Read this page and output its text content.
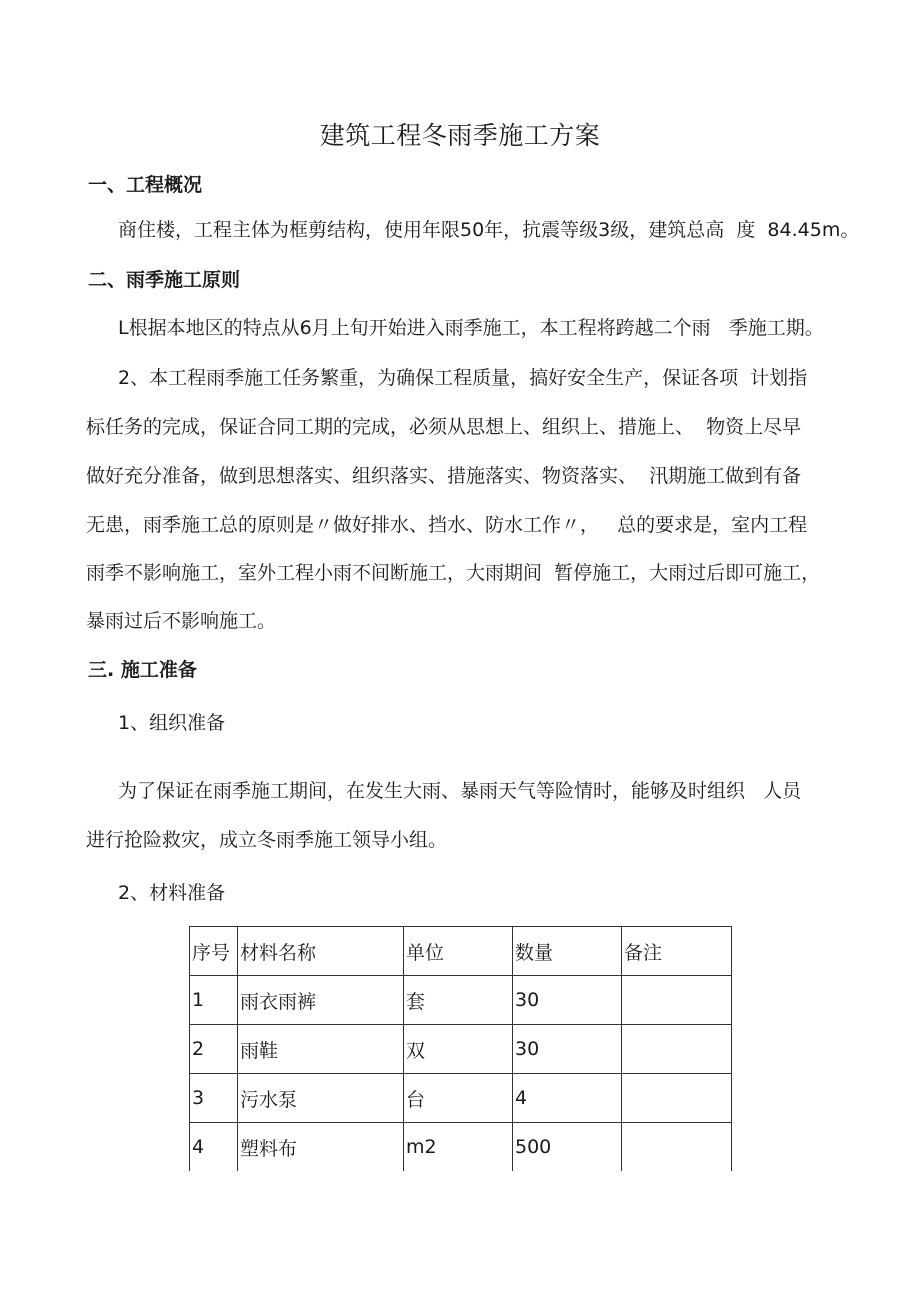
建筑工程冬雨季施工方案
一、工程概况
商住楼，工程主体为框剪结构，使用年限50年，抗震等级3级，建筑总高  度  84.45m。
二、雨季施工原则
L根据本地区的特点从6月上旬开始进入雨季施工，本工程将跨越二个雨   季施工期。
2、本工程雨季施工任务繁重，为确保工程质量，搞好安全生产，保证各项  计划指
标任务的完成，保证合同工期的完成，必须从思想上、组织上、措施上、  物资上尽早
做好充分准备，做到思想落实、组织落实、措施落实、物资落实、  汛期施工做到有备
无患，雨季施工总的原则是〃做好排水、挡水、防水工作〃，   总的要求是，室内工程
雨季不影响施工，室外工程小雨不间断施工，大雨期间  暂停施工，大雨过后即可施工，
暴雨过后不影响施工。
三. 施工准备
1、组织准备
为了保证在雨季施工期间，在发生大雨、暴雨天气等险情时，能够及时组织   人员
进行抢险救灾，成立冬雨季施工领导小组。
2、材料准备
序号	材料名称	单位	数量	备注
1	雨衣雨裤	套	30	
2	雨鞋	双	30	
3	污水泵	台	4	
4	塑料布	m2	500	
